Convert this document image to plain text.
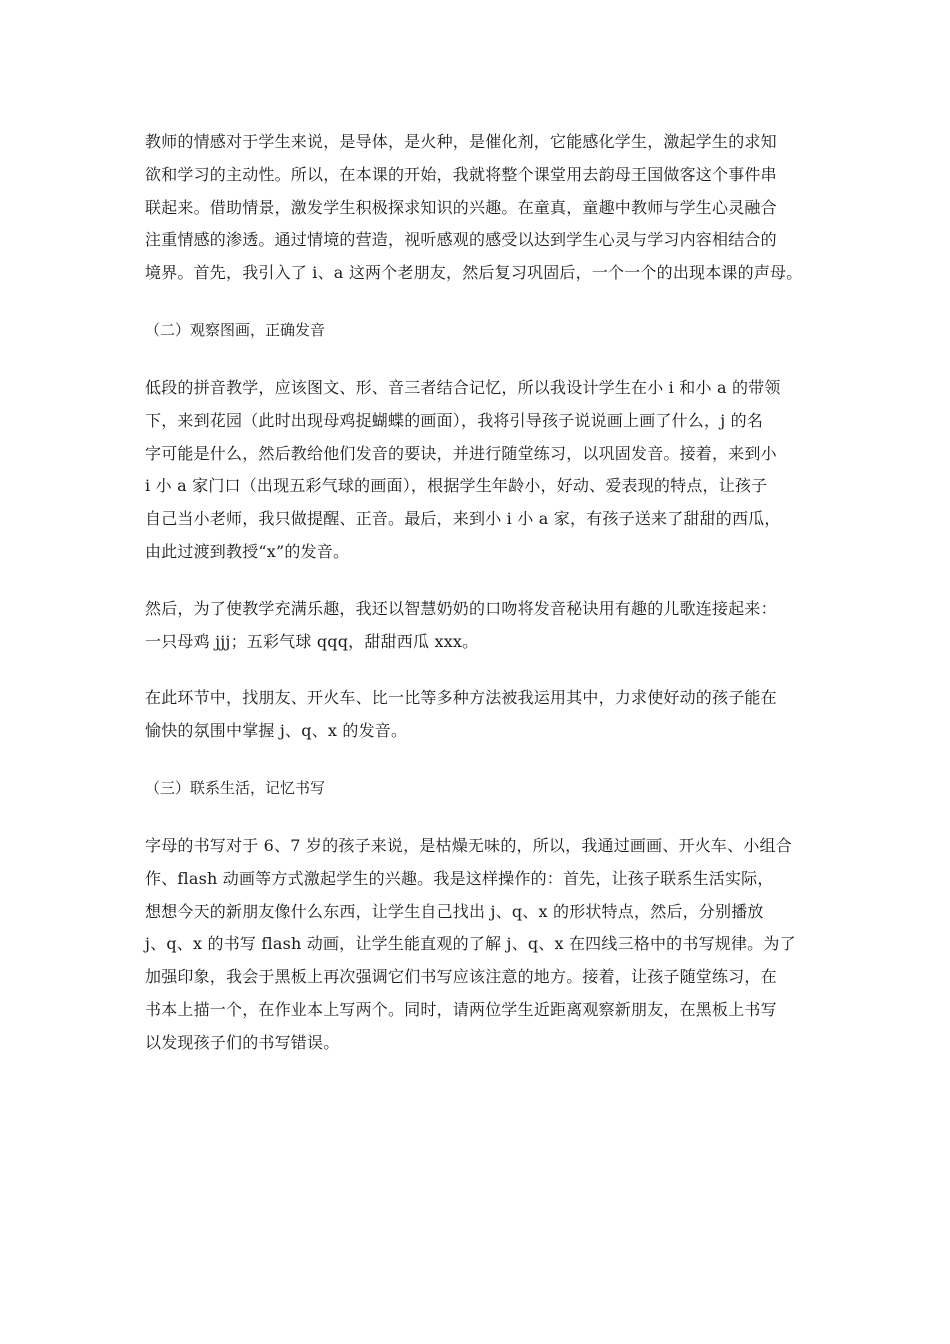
教师的情感对于学生来说，是导体，是火种，是催化剂，它能感化学生，激起学生的求知
欲和学习的主动性。所以，在本课的开始，我就将整个课堂用去韵母王国做客这个事件串
联起来。借助情景，激发学生积极探求知识的兴趣。在童真，童趣中教师与学生心灵融合
注重情感的渗透。通过情境的营造，视听感观的感受以达到学生心灵与学习内容相结合的
境界。首先，我引入了 i、a 这两个老朋友，然后复习巩固后，一个一个的出现本课的声母。
（二）观察图画，正确发音
低段的拼音教学，应该图文、形、音三者结合记忆，所以我设计学生在小 i 和小 a 的带领
下，来到花园（此时出现母鸡捉蝴蝶的画面），我将引导孩子说说画上画了什么，j 的名
字可能是什么，然后教给他们发音的要诀，并进行随堂练习，以巩固发音。接着，来到小
i 小 a 家门口（出现五彩气球的画面），根据学生年龄小，好动、爱表现的特点，让孩子
自己当小老师，我只做提醒、正音。最后，来到小 i 小 a 家，有孩子送来了甜甜的西瓜，
由此过渡到教授“x”的发音。
然后，为了使教学充满乐趣，我还以智慧奶奶的口吻将发音秘诀用有趣的儿歌连接起来：
一只母鸡 jjj；五彩气球 qqq，甜甜西瓜 xxx。
在此环节中，找朋友、开火车、比一比等多种方法被我运用其中，力求使好动的孩子能在
愉快的氛围中掌握 j、q、x 的发音。
（三）联系生活，记忆书写
字母的书写对于 6、7 岁的孩子来说，是枯燥无味的，所以，我通过画画、开火车、小组合
作、flash 动画等方式激起学生的兴趣。我是这样操作的：首先，让孩子联系生活实际，
想想今天的新朋友像什么东西，让学生自己找出 j、q、x 的形状特点，然后，分别播放
j、q、x 的书写 flash 动画，让学生能直观的了解 j、q、x 在四线三格中的书写规律。为了
加强印象，我会于黑板上再次强调它们书写应该注意的地方。接着，让孩子随堂练习，在
书本上描一个，在作业本上写两个。同时，请两位学生近距离观察新朋友，在黑板上书写
以发现孩子们的书写错误。
